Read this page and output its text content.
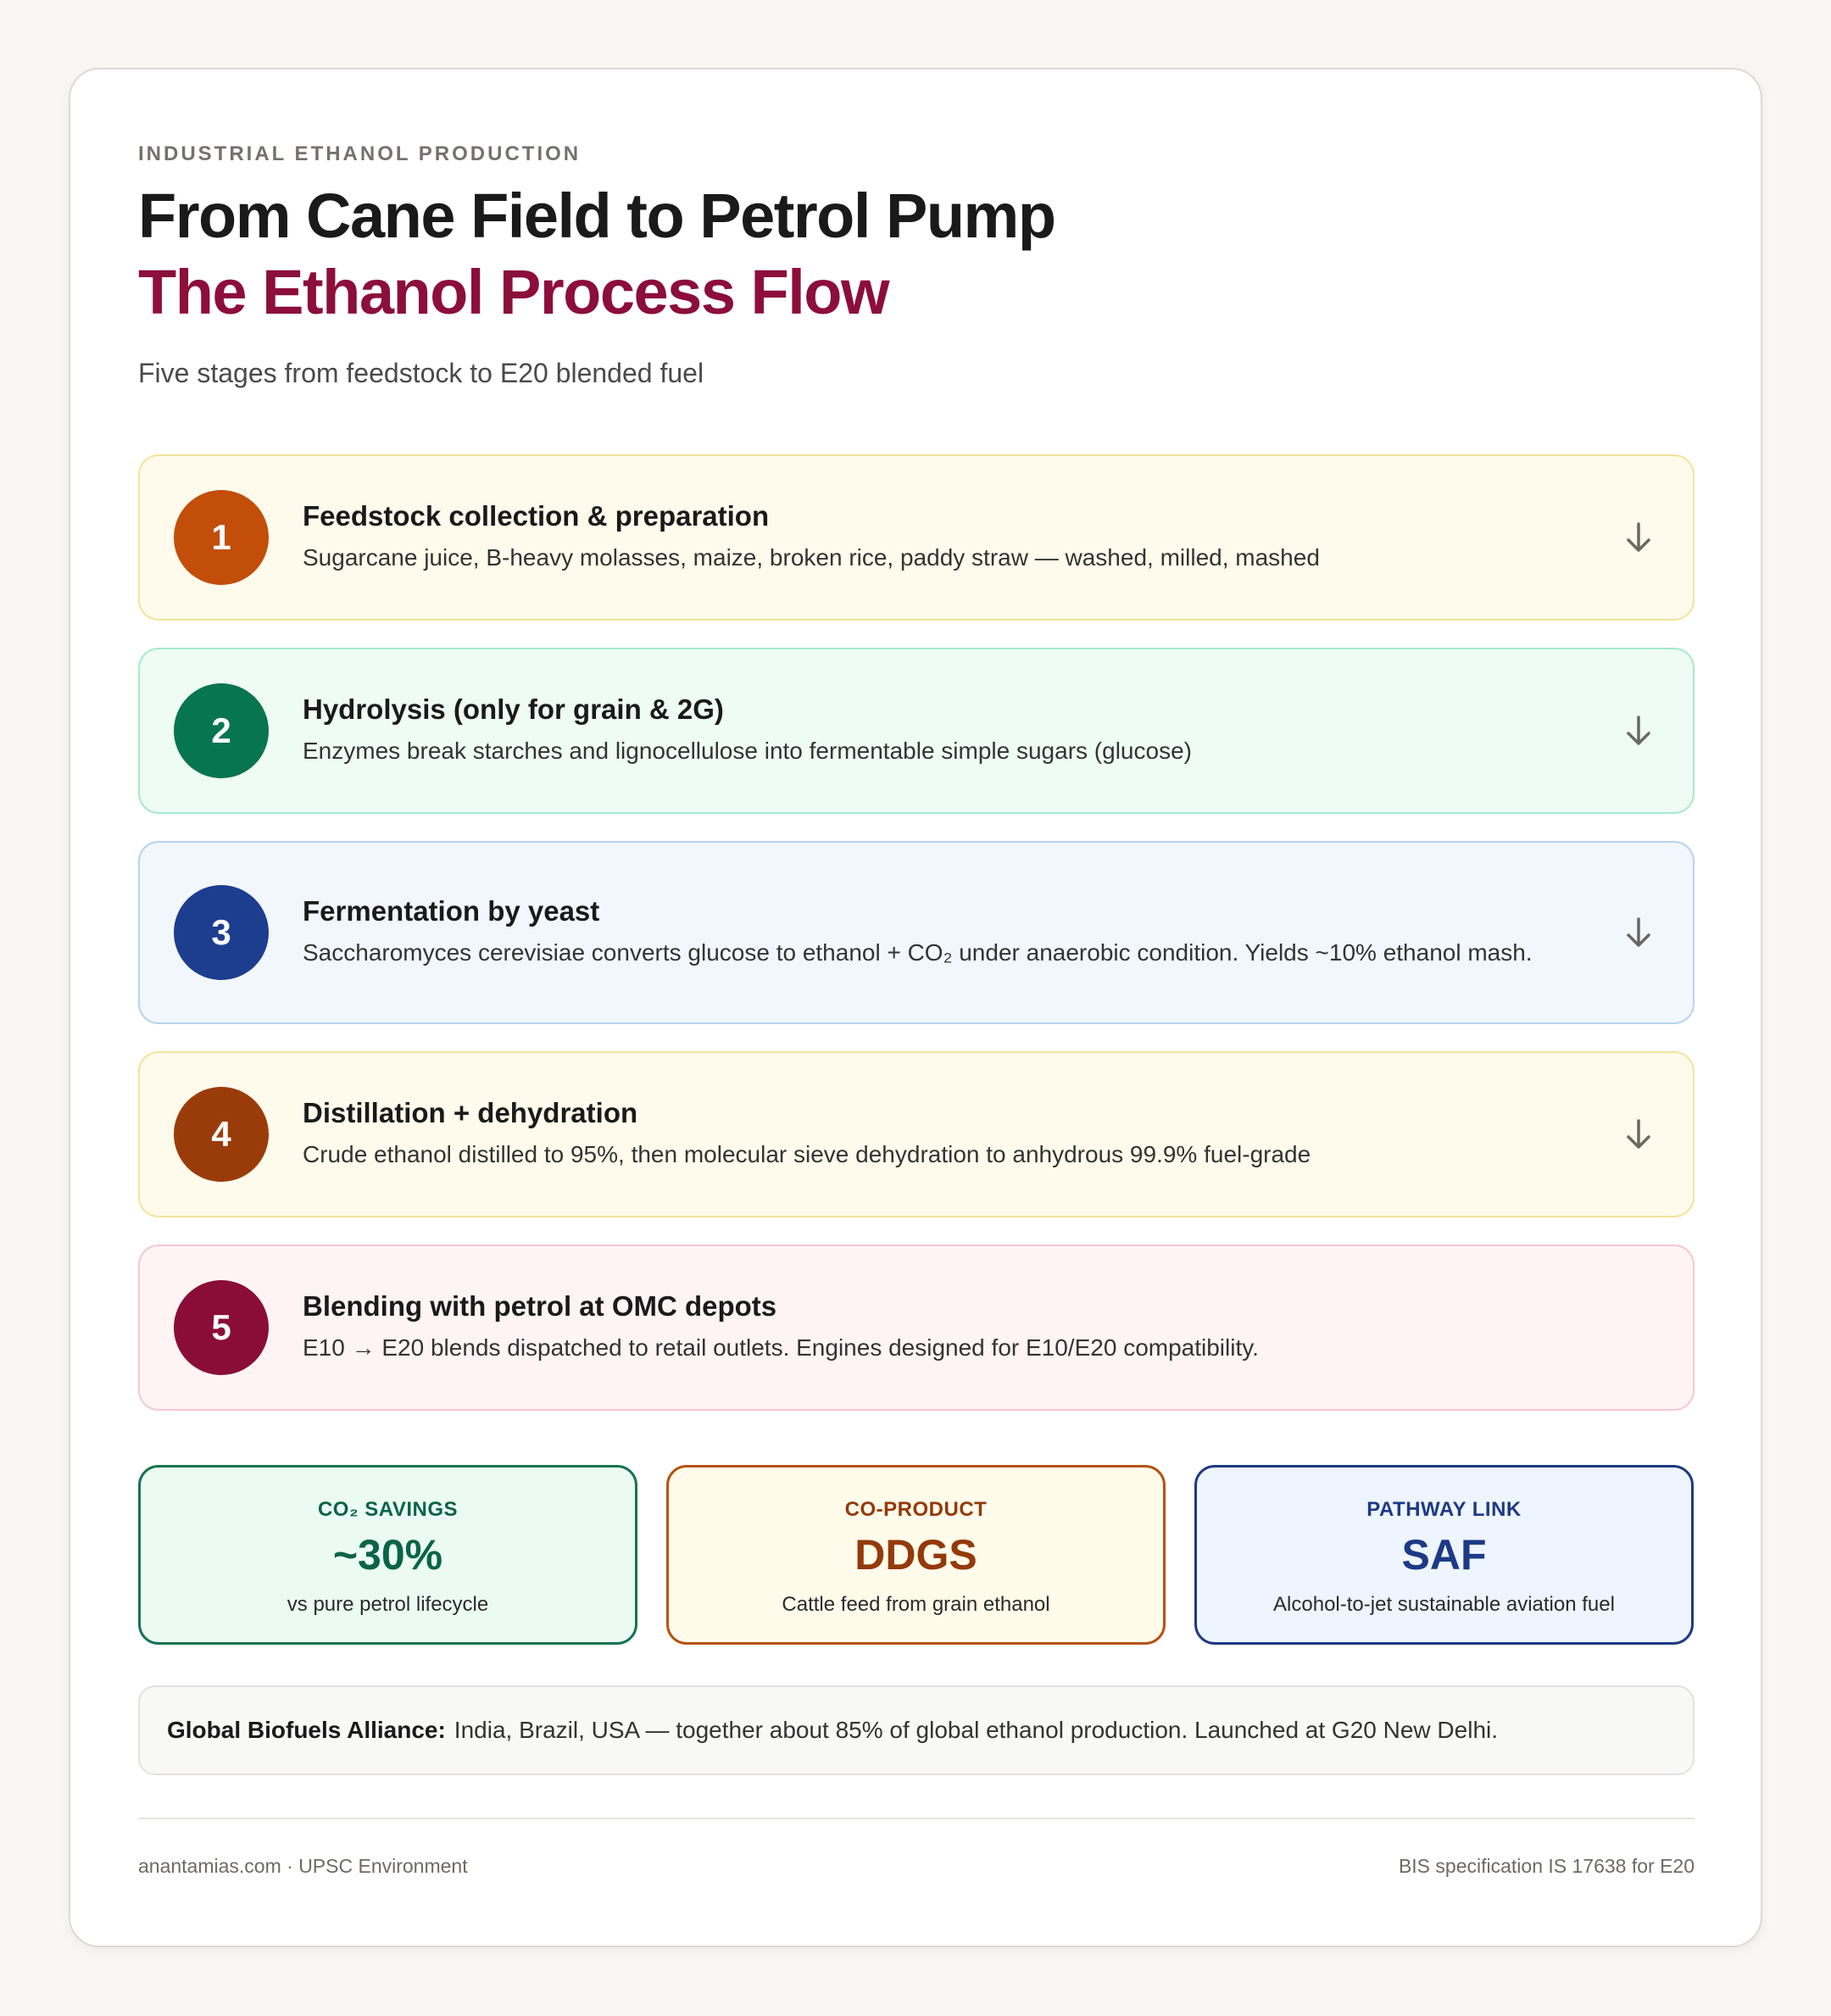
INDUSTRIAL ETHANOL PRODUCTION
From Cane Field to Petrol Pump
The Ethanol Process Flow
Five stages from feedstock to E20 blended fuel
1
Feedstock collection & preparation
Sugarcane juice, B-heavy molasses, maize, broken rice, paddy straw — washed, milled, mashed
2
Hydrolysis (only for grain & 2G)
Enzymes break starches and lignocellulose into fermentable simple sugars (glucose)
3
Fermentation by yeast
Saccharomyces cerevisiae converts glucose to ethanol + CO₂ under anaerobic condition. Yields ~10% ethanol mash.
4
Distillation + dehydration
Crude ethanol distilled to 95%, then molecular sieve dehydration to anhydrous 99.9% fuel-grade
5
Blending with petrol at OMC depots
E10 → E20 blends dispatched to retail outlets. Engines designed for E10/E20 compatibility.
CO₂ SAVINGS
~30%
vs pure petrol lifecycle
CO-PRODUCT
DDGS
Cattle feed from grain ethanol
PATHWAY LINK
SAF
Alcohol-to-jet sustainable aviation fuel
Global Biofuels Alliance: India, Brazil, USA — together about 85% of global ethanol production. Launched at G20 New Delhi.
anantamias.com · UPSC Environment	BIS specification IS 17638 for E20
